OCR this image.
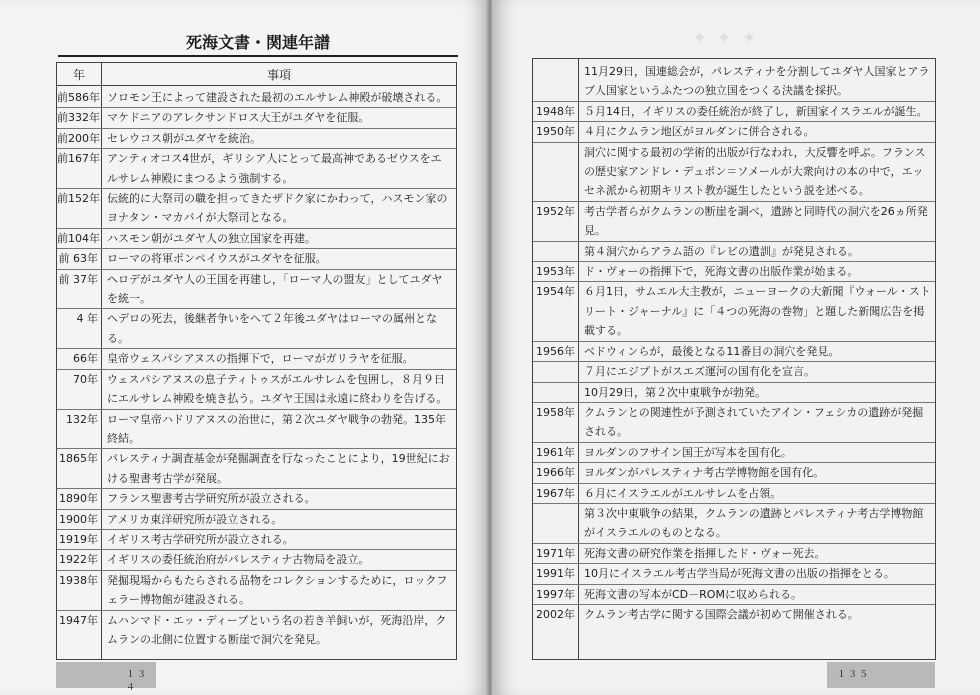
死海文書・関連年譜
年	事項
前586年 ソロモン王によって建設された最初のエルサレム神殿が破壊される。
前332年 マケドニアのアレクサンドロス大王がユダヤを征服。
前200年 セレウコス朝がユダヤを統治。
前167年 アンティオコス4世が，ギリシア人にとって最高神であるゼウスをエルサレム神殿にまつるよう強制する。
前152年 伝統的に大祭司の職を担ってきたザドク家にかわって，ハスモン家のヨナタン・マカバイが大祭司となる。
前104年 ハスモン朝がユダヤ人の独立国家を再建。
前 63年 ローマの将軍ポンペイウスがユダヤを征服。
前 37年 ヘロデがユダヤ人の王国を再建し，「ローマ人の盟友」としてユダヤを統一。
4 年 ヘデロの死去，後継者争いをへて２年後ユダヤはローマの属州となる。
66年 皇帝ウェスパシアヌスの指揮下で，ローマがガリラヤを征服。
70年 ウェスパシアヌスの息子ティトゥスがエルサレムを包囲し，８月９日にエルサレム神殿を焼き払う。ユダヤ王国は永遠に終わりを告げる。
132年 ローマ皇帝ハドリアヌスの治世に，第２次ユダヤ戦争の勃発。135年終結。
1865年 パレスティナ調査基金が発掘調査を行なったことにより，19世紀における聖書考古学が発展。
1890年 フランス聖書考古学研究所が設立される。
1900年 アメリカ東洋研究所が設立される。
1919年 イギリス考古学研究所が設立される。
1922年 イギリスの委任統治府がパレスティナ古物局を設立。
1938年 発掘現場からもたらされる品物をコレクションするために，ロックフェラー博物館が建設される。
1947年 ムハンマド・エッ・ディーブという名の若き羊飼いが，死海沿岸，クムランの北側に位置する断崖で洞穴を発見。
１３４
✦ ✦ ✦
11月29日，国連総会が，パレスティナを分割してユダヤ人国家とアラブ人国家というふたつの独立国をつくる決議を採択。
1948年 ５月14日，イギリスの委任統治が終了し，新国家イスラエルが誕生。
1950年 ４月にクムラン地区がヨルダンに併合される。
洞穴に関する最初の学術的出版が行なわれ，大反響を呼ぶ。フランスの歴史家アンドレ・デュポン＝ソメールが大衆向けの本の中で，エッセネ派から初期キリスト教が誕生したという説を述べる。
1952年 考古学者らがクムランの断崖を調べ，遺跡と同時代の洞穴を26ヵ所発見。
第４洞穴からアラム語の『レビの遺訓』が発見される。
1953年 ド・ヴォーの指揮下で，死海文書の出版作業が始まる。
1954年 ６月1日，サムエル大主教が，ニューヨークの大新聞『ウォール・ストリート・ジャーナル』に「４つの死海の巻物」と題した新聞広告を掲載する。
1956年 ベドウィンらが，最後となる11番目の洞穴を発見。
７月にエジプトがスエズ運河の国有化を宣言。
10月29日，第２次中東戦争が勃発。
1958年 クムランとの関連性が予測されていたアイン・フェシカの遺跡が発掘される。
1961年 ヨルダンのフサイン国王が写本を国有化。
1966年 ヨルダンがパレスティナ考古学博物館を国有化。
1967年 ６月にイスラエルがエルサレムを占領。
第３次中東戦争の結果，クムランの遺跡とパレスティナ考古学博物館がイスラエルのものとなる。
1971年 死海文書の研究作業を指揮したド・ヴォー死去。
1991年 10月にイスラエル考古学当局が死海文書の出版の指揮をとる。
1997年 死海文書の写本がCD－ROMに収められる。
2002年 クムラン考古学に関する国際会議が初めて開催される。
１３５
